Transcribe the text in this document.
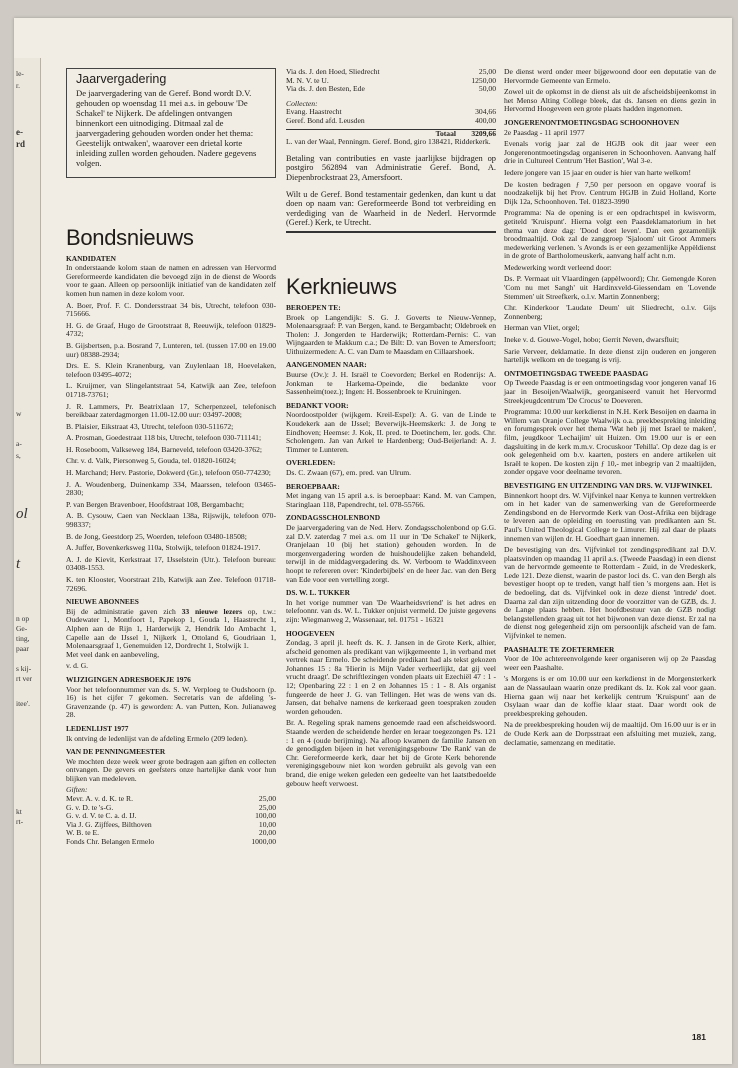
le-
r.
e-
rd
w
a-
s,
ol
t
n op
Ge-
ting,
paar
s kij-
rt ver
itee'.
kt
rt-
Jaarvergadering

De jaarvergadering van de Geref. Bond wordt D.V. gehouden op woensdag 11 mei a.s. in gebouw 'De Schakel' te Nijkerk. De afdelingen ontvangen binnenkort een uitnodiging. Ditmaal zal de jaarvergadering gehouden worden onder het thema: Geestelijk ontwaken', waarover een drietal korte inleiding zullen worden gehouden. Nadere gegevens volgen.

Bondsnieuws
KANDIDATEN

In onderstaande kolom staan de namen en adressen van Hervormd Gereformeerde kandidaten die bevoegd zijn in de dienst de Woords voor te gaan. Alleen op persoonlijk initiatief van de kandidaten zelf komen hun namen in deze kolom voor.

A. Boer, Prof. F. C. Dondersstraat 34 bis, Utrecht, telefoon 030-715666.

H. G. de Graaf, Hugo de Grootstraat 8, Reeuwijk, telefoon 01829-4732;

B. Gijsbertsen, p.a. Bosrand 7, Lunteren, tel. (tussen 17.00 en 19.00 uur) 08388-2934;

Drs. E. S. Klein Kranenburg, van Zuylenlaan 18, Hoevelaken, telefoon 03495-4072;

L. Kruijmer, van Slingelantstraat 54, Katwijk aan Zee, telefoon 01718-73761;

J. R. Lammers, Pr. Beatrixlaan 17, Scherpenzeel, telefonisch bereikbaar zaterdagmorgen 11.00-12.00 uur: 03497-2008;

B. Plaisier, Eikstraat 43, Utrecht, telefoon 030-511672;

A. Prosman, Goedestraat 118 bis, Utrecht, telefoon 030-711141;

H. Roseboom, Valkseweg 184, Barneveld, telefoon 03420-3762;

Chr. v. d. Valk, Piersonweg 5, Gouda, tel. 01820-16024;

H. Marchand; Herv. Pastorie, Dokwerd (Gr.), telefoon 050-774230;

J. A. Woudenberg, Duinenkamp 334, Maarssen, telefoon 03465-2830;

P. van Bergen Bravenboer, Hoofdstraat 108, Bergambacht;

A. B. Cysouw, Caen van Necklaan 138a, Rijswijk, telefoon 070-998337;

B. de Jong, Geestdorp 25, Woerden, telefoon 03480-18508;

A. Juffer, Bovenkerksweg 110a, Stolwijk, telefoon 01824-1917.

A. J. de Kievit, Kerkstraat 17, IJsselstein (Utr.). Telefoon bureau: 03408-1553.

K. ten Klooster, Voorstraat 21b, Katwijk aan Zee. Telefoon 01718-72696.

NIEUWE ABONNEES

Bij de administratie gaven zich 33 nieuwe lezers op, t.w.: Oudewater 1, Montfoort 1, Papekop 1, Gouda 1, Haastrecht 1, Alphen aan de Rijn 1, Harderwijk 2, Hendrik Ido Ambacht 1, Capelle aan de IJssel 1, Nijkerk 1, Ottoland 6, Goudriaan 1, Molenaarsgraaf 1, Genemuiden 12, Dordrecht 1, Stolwijk 1.
Met veel dank en aanbeveling,

v. d. G.

WIJZIGINGEN ADRESBOEKJE 1976

Voor het telefoonnummer van ds. S. W. Verploeg te Oudshoorn (p. 16) is het cijfer 7 gekomen. Secretaris van de afdeling 's-Gravenzande (p. 47) is geworden: A. van Putten, Kon. Julianaweg 28.

LEDENLIJST 1977

Ik ontving de ledenlijst van de afdeling Ermelo (209 leden).

VAN DE PENNINGMEESTER

We mochten deze week weer grote bedragen aan giften en collecten ontvangen. De gevers en geefsters onze hartelijke dank voor hun blijken van medeleven.

Giften:
Mevr. A. v. d. K. te R.	25,00
G. v. D. te 's-G.	25,00
G. v. d. V. te C. a. d. IJ.	100,00
Via J. G. Zijffees, Bilthoven	10,00
W. B. te E.	20,00
Fonds Chr. Belangen Ermelo	1000,00
Via ds. J. den Hoed, Sliedrecht	25,00
M. N. V. te U.	1250,00
Via ds. J. den Besten, Ede	50,00
Collecten:
Evang. Haastrecht	304,66
Geref. Bond afd. Leusden	400,00
Totaal	3209,66

L. van der Waal, Penningm. Geref. Bond, giro 138421, Ridderkerk.

Betaling van contributies en vaste jaarlijkse bijdragen op postgiro 562894 van Administratie Geref. Bond, A. Diepenbrockstraat 23, Amersfoort.

Wilt u de Geref. Bond testamentair gedenken, dan kunt u dat doen op naam van: Gereformeerde Bond tot verbreiding en verdediging van de Waarheid in de Nederl. Hervormde (Geref.) Kerk, te Utrecht.

Kerknieuws
BEROEPEN TE:

Broek op Langendijk: S. G. J. Goverts te Nieuw-Vennep, Molenaarsgraaf: P. van Bergen, kand. te Bergambacht; Oldebroek en Tholen: J. Jongerden te Harderwijk; Rotterdam-Pernis: C. van Wijngaarden te Makkum c.a.; De Bilt: D. van Boven te Amersfoort; Uithuizermeden: A. C. van Dam te Maasdam en Cillaarshoek.

AANGENOMEN NAAR:

Buurse (Ov.): J. H. Israël te Coevorden; Berkel en Rodenrijs: A. Jonkman te Harkema-Opeinde, die bedankte voor Sassenheim(toez.); Ingen: H. Bossenbroek te Kruiningen.

BEDANKT VOOR:

Noordoostpolder (wijkgem. Kreil-Espel): A. G. van de Linde te Koudekerk aan de IJssel; Beverwijk-Heemskerk: J. de Jong te Eindhoven; Heemse: J. Kok, II. pred. te Doetinchem, ler. gods. Chr. Scholengem. Jan van Arkel te Hardenberg; Oud-Beijerland: A. J. Timmer te Lunteren.

OVERLEDEN:

Ds. C. Zwaan (67), em. pred. van Ulrum.

BEROEPBAAR:

Met ingang van 15 april a.s. is beroepbaar: Kand. M. van Campen, Staringlaan 118, Papendrecht, tel. 078-55766.

ZONDAGSSCHOLENBOND

De jaarvergadering van de Ned. Herv. Zondagsscholenbond op G.G. zal D.V. zaterdag 7 mei a.s. om 11 uur in 'De Schakel' te Nijkerk, Oranjelaan 10 (bij het station) gehouden worden. In de morgenvergadering worden de huishoudelijke zaken behandeld, terwijl in de middagvergadering ds. W. Verboom te Waddinxveen hoopt te refereren over: 'Kinderbijbels' en de heer Jac. van den Berg van Ede voor een vertelling zorgt.

DS. W. L. TUKKER

In het vorige nummer van 'De Waarheidsvriend' is het adres en telefoonnr. van ds. W. L. Tukker onjuist vermeld. De juiste gegevens zijn: Wiegmanweg 2, Wassenaar, tel. 01751 - 16321

HOOGEVEEN

Zondag, 3 april jl. heeft ds. K. J. Jansen in de Grote Kerk, alhier, afscheid genomen als predikant van wijkgemeente 1, in verband met vertrek naar Ermelo. De scheidende predikant had als tekst gekozen Johannes 15 : 8a 'Hierin is Mijn Vader verheerlijkt, dat gij veel vrucht draagt'. De schriftlezingen vonden plaats uit Ezechiël 47 : 1 - 12; Openbaring 22 : 1 en 2 en Johannes 15 : 1 - 8. Als organist fungeerde de heer J. G. van Tellingen. Het was de wens van ds. Jansen, dat behalve namens de kerkeraad geen toespraken zouden worden gehouden.

Br. A. Regeling sprak namens genoemde raad een afscheidswoord. Staande werden de scheidende herder en leraar toegezongen Ps. 121 : 1 en 4 (oude berijming). Na afloop kwamen de familie Jansen en de genodigden bijeen in het verenigingsgebouw 'De Rank' van de Chr. Gereformeerde kerk, daar het bij de Grote Kerk behorende verenigingsgebouw niet kon worden gebruikt als gevolg van een brand, die enige weken geleden een gedeelte van het laatstbedoelde gebouw heeft verwoest.

De dienst werd onder meer bijgewoond door een deputatie van de Hervormde Gemeente van Ermelo.

Zowel uit de opkomst in de dienst als uit de afscheidsbijeenkomst in het Menso Alting College bleek, dat ds. Jansen en diens gezin in Hervormd Hoogeveen een grote plaats hadden ingenomen.

JONGERENONTMOETINGSDAG SCHOONHOVEN

2e Paasdag - 11 april 1977

Evenals vorig jaar zal de HGJB ook dit jaar weer een Jongerenontmoetingsdag organiseren in Schoonhoven. Aanvang half drie in Cultureel Centrum 'Het Bastion', Wal 3-e.

Iedere jongere van 15 jaar en ouder is hier van harte welkom!

De kosten bedragen ƒ 7,50 per persoon en opgave vooraf is noodzakelijk bij het Prov. Centrum HGJB in Zuid Holland, Korte Dijk 12a, Schoonhoven. Tel. 01823-3990

Programma: Na de opening is er een opdrachtspel in kwisvorm, getiteld 'Kruispunt'. Hierna volgt een Paasdeklamatorium in het thema van deze dag: 'Dood doet leven'. Dan een gezamenlijk broodmaaltijd. Ook zal de zanggroep 'Sjaloom' uit Groot Ammers medewerking verlenen. 's Avonds is er een gezamenlijke Appèldienst in de grote of Bartholomeuskerk, aanvang half acht n.m.

Medewerking wordt verleend door:

Ds. P. Vermaat uit Vlaardingen (appèlwoord); Chr. Gemengde Koren 'Com nu met Sangh' uit Hardinxveld-Giessendam en 'Lovende Stemmen' uit Streefkerk, o.l.v. Martin Zonnenberg;

Chr. Kinderkoor 'Laudate Deum' uit Sliedrecht, o.l.v. Gijs Zonnenberg;

Herman van Vliet, orgel;

Ineke v. d. Gouwe-Vogel, hobo; Gerrit Neven, dwarsfluit;

Sarie Verveer, deklamatie. In deze dienst zijn ouderen en jongeren hartelijk welkom en de toegang is vrij.

ONTMOETINGSDAG TWEEDE PAASDAG

Op Tweede Paasdag is er een ontmoetingsdag voor jongeren vanaf 16 jaar in Besoijen/Waalwijk, georganiseerd vanuit het Hervormd Streekjeugdcentrum 'De Crocus' te Doeveren.

Programma: 10.00 uur kerkdienst in N.H. Kerk Besoijen en daarna in Willem van Oranje College Waalwijk o.a. preekbespreking inleiding en forumgesprek over het thema 'Wat heb jij met Israel te maken', film, jeugdkoor 'Lechaijim' uit Huizen. Om 19.00 uur is er een dagsluiting in de kerk m.m.v. Crocuskoor 'Tehilla'. Op deze dag is er ook gelegenheid om b.v. kaarten, posters en andere artikelen uit Israël te kopen. De kosten zijn ƒ 10,- met inbegrip van 2 maaltijden, zonder opgave voor deelname tevoren.

BEVESTIGING EN UITZENDING VAN DRS. W. VIJFWINKEL

Binnenkort hoopt drs. W. Vijfvinkel naar Kenya te kunnen vertrekken om in het kader van de samenwerking van de Gereformeerde Zendingsbond en de Hervormde Kerk van Oost-Afrika een bijdrage te leveren aan de opleiding en toerusting van predikanten aan St. Paul's United Theological College te Limurer. Hij zal daar de plaats innemen van wijlen dr. H. Goedhart gaan innemen.

De bevestiging van drs. Vijfvinkel tot zendingspredikant zal D.V. plaatsvinden op maandag 11 april a.s. (Tweede Paasdag) in een dienst van de hervormde gemeente te Rotterdam - Zuid, in de Vredeskerk, Lede 121. Deze dienst, waarin de pastor loci ds. C. van den Bergh als bevestiger hoopt op te treden, vangt half tien 's morgens aan. Het is de bedoeling, dat ds. Vijfvinkel ook in deze dienst 'intrede' doet. Daarna zal dan zijn uitzending door de voorzitter van de GZB, ds. J. de Lange plaats hebben. Het hoofdbestuur van de GZB nodigt belangstellenden graag uit tot het bijwonen van deze dienst. Er zal na de dienst nog gelegenheid zijn om persoonlijk afscheid van de fam. Vijfvinkel te nemen.

PAASHALTE TE ZOETERMEER

Voor de 10e achtereenvolgende keer organiseren wij op 2e Paasdag weer een Paashalte.

's Morgens is er om 10.00 uur een kerkdienst in de Morgensterkerk aan de Nassaulaan waarin onze predikant ds. Iz. Kok zal voor gaan. Hierna gaan wij naar het kerkelijk centrum 'Kruispunt' aan de Osylaan waar dan de koffie klaar staat. Daar wordt ook de preekbespreking gehouden.

Na de preekbespreking houden wij de maaltijd. Om 16.00 uur is er in de Oude Kerk aan de Dorpsstraat een afsluiting met muziek, zang, declamatie, samenzang en meditatie.

181
